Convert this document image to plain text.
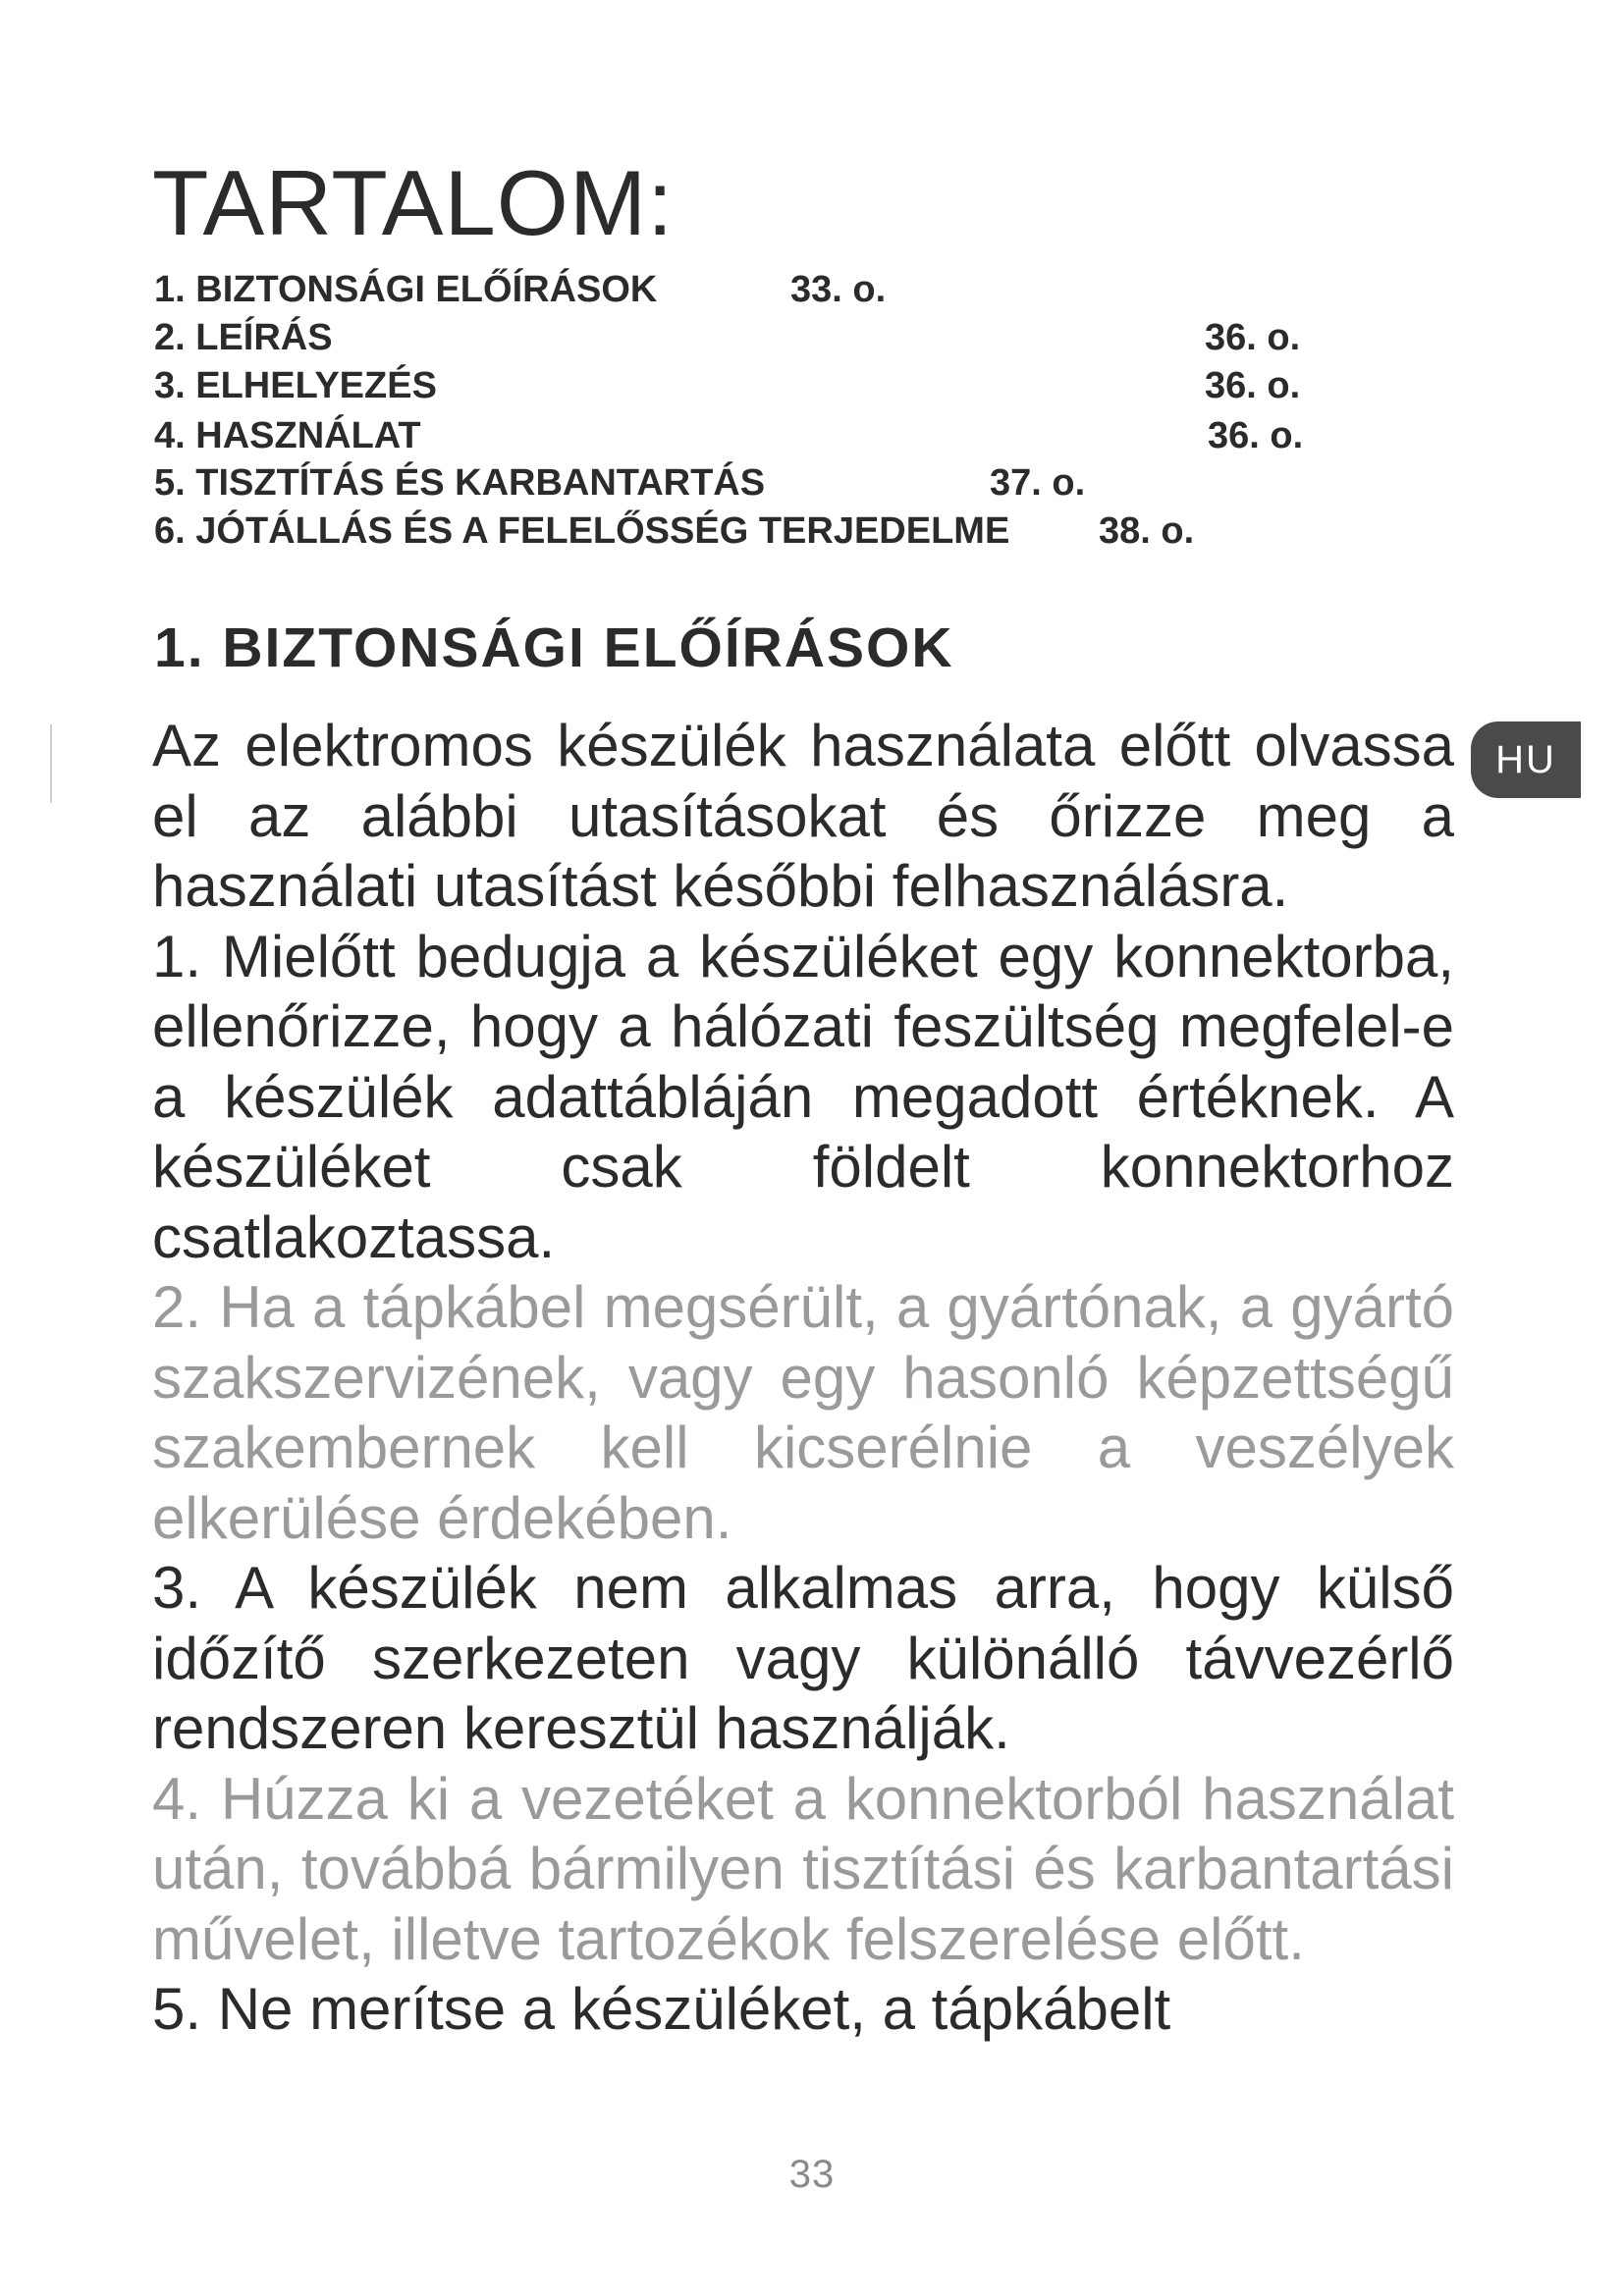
TARTALOM:
1. BIZTONSÁGI ELŐÍRÁSOK	33. o.
2. LEÍRÁS	36. o.
3. ELHELYEZÉS	36. o.
4. HASZNÁLAT	36. o.
5. TISZTÍTÁS ÉS KARBANTARTÁS	37. o.
6. JÓTÁLLÁS ÉS A FELELŐSSÉG TERJEDELME 38. o.
1. BIZTONSÁGI ELŐÍRÁSOK
HU

Az elektromos készülék használata előtt olvassa el az alábbi utasításokat és őrizze meg a használati utasítást későbbi felhasználásra.

1. Mielőtt bedugja a készüléket egy konnektorba, ellenőrizze, hogy a hálózati feszültség megfelel-e a készülék adattábláján megadott értéknek. A készüléket csak földelt konnektorhoz csatlakoztassa.

2. Ha a tápkábel megsérült, a gyártónak, a gyártó szakszervizének, vagy egy hasonló képzettségű szakembernek kell kicserélnie a veszélyek elkerülése érdekében.

3. A készülék nem alkalmas arra, hogy külső időzítő szerkezeten vagy különálló távvezérlő rendszeren keresztül használják.

4. Húzza ki a vezetéket a konnektorból használat után, továbbá bármilyen tisztítási és karbantartási művelet, illetve tartozékok felszerelése előtt.

5. Ne merítse a készüléket, a tápkábelt

33
